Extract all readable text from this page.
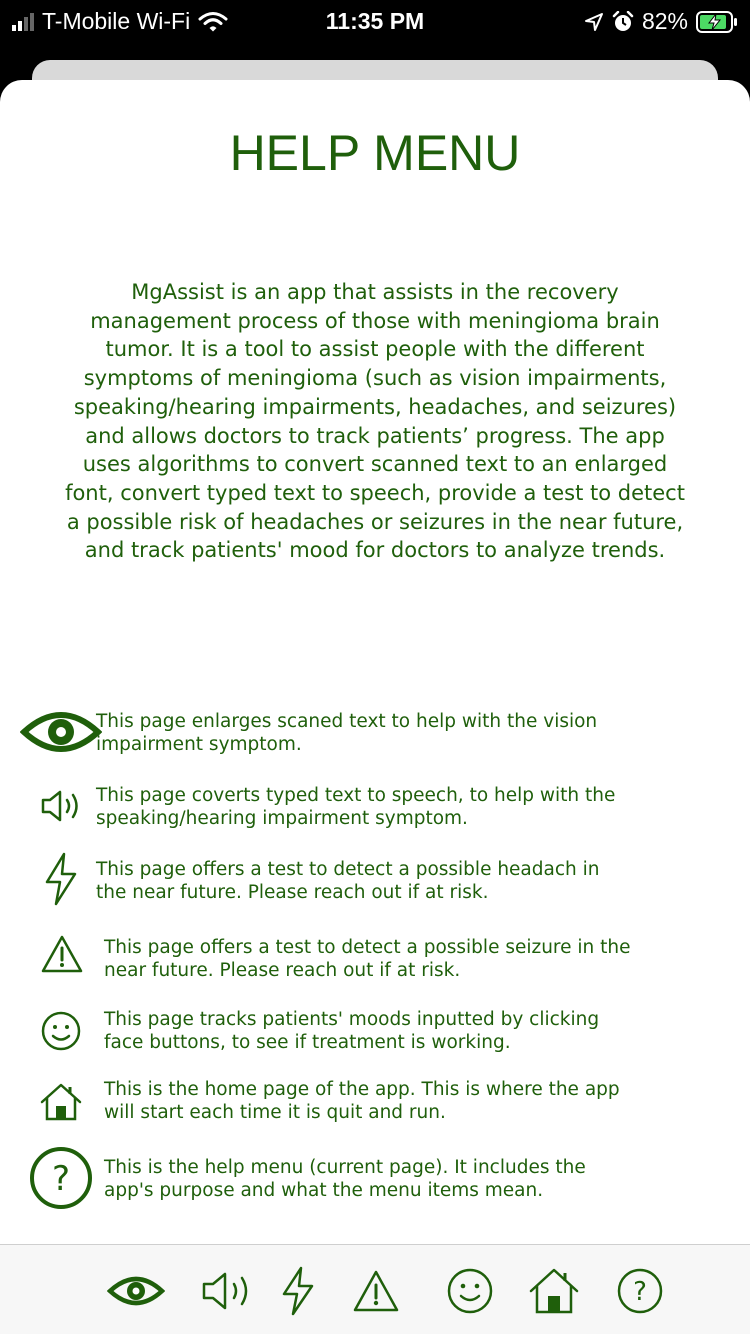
T-Mobile Wi-Fi	11:35 PM	82%
HELP MENU
MgAssist is an app that assists in the recovery management process of those with meningioma brain tumor. It is a tool to assist people with the different symptoms of meningioma (such as vision impairments, speaking/hearing impairments, headaches, and seizures) and allows doctors to track patients’ progress. The app uses algorithms to convert scanned text to an enlarged font, convert typed text to speech, provide a test to detect a possible risk of headaches or seizures in the near future, and track patients' mood for doctors to analyze trends.
This page enlarges scaned text to help with the vision impairment symptom.
This page coverts typed text to speech, to help with the speaking/hearing impairment symptom.
This page offers a test to detect a possible headach in the near future. Please reach out if at risk.
This page offers a test to detect a possible seizure in the near future. Please reach out if at risk.
This page tracks patients' moods inputted by clicking face buttons, to see if treatment is working.
This is the home page of the app. This is where the app will start each time it is quit and run.
? This is the help menu (current page). It includes the app's purpose and what the menu items mean.
?
